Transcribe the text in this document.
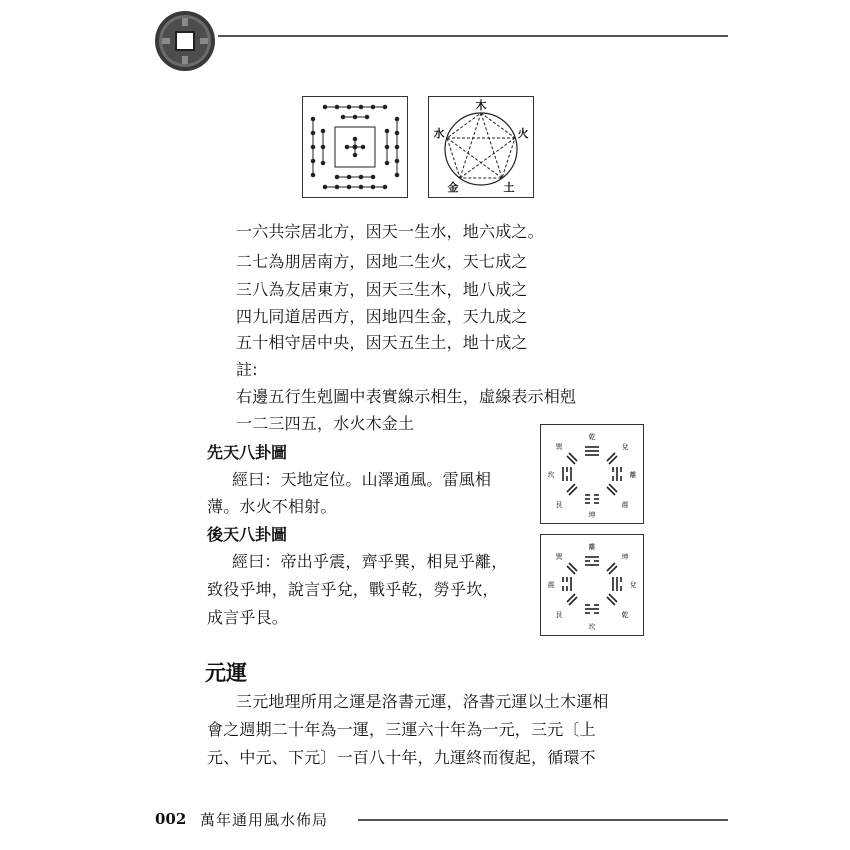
木
火
土
金
水
一六共宗居北方，因天一生水，地六成之。
二七為朋居南方，因地二生火，天七成之
三八為友居東方，因天三生木，地八成之
四九同道居西方，因地四生金，天九成之
五十相守居中央，因天五生土，地十成之
註:
右邊五行生剋圖中表實線示相生，虛線表示相剋
一二三四五，水火木金土
先天八卦圖
經曰：天地定位。山澤通風。雷風相
薄。水火不相射。
乾
巽
坎
艮
坤
震
離
兌
後天八卦圖
經曰：帝出乎震，齊乎巽，相見乎離，
致役乎坤，說言乎兌，戰乎乾，勞乎坎，
成言乎艮。
離
坤
兌
乾
坎
艮
震
巽
元運
三元地理所用之運是洛書元運，洛書元運以土木運相
會之週期二十年為一運，三運六十年為一元，三元〔上
元、中元、下元〕一百八十年，九運終而復起，循環不
002 萬年通用風水佈局
